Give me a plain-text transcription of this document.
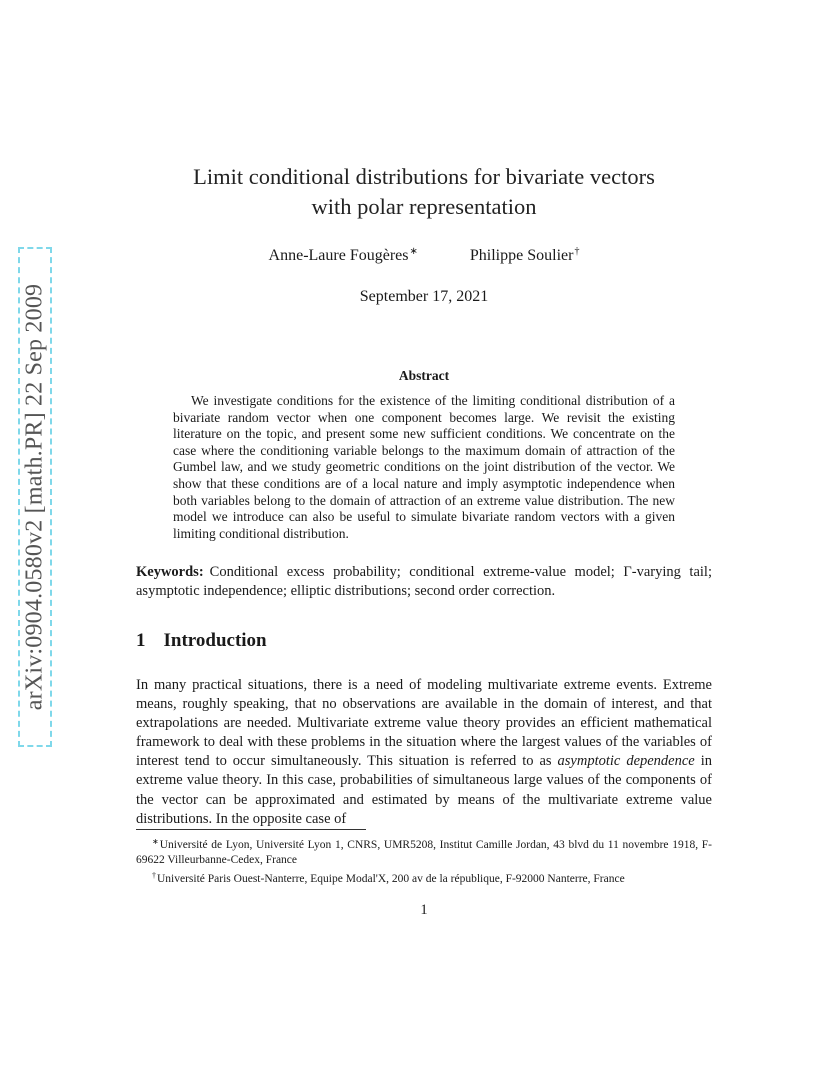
arXiv:0904.0580v2 [math.PR] 22 Sep 2009
Limit conditional distributions for bivariate vectors
with polar representation
Anne-Laure Fougères∗	Philippe Soulier†
September 17, 2021
Abstract
We investigate conditions for the existence of the limiting conditional distribution of a bivariate random vector when one component becomes large. We revisit the existing literature on the topic, and present some new sufficient conditions. We concentrate on the case where the conditioning variable belongs to the maximum domain of attraction of the Gumbel law, and we study geometric conditions on the joint distribution of the vector. We show that these conditions are of a local nature and imply asymptotic independence when both variables belong to the domain of attraction of an extreme value distribution. The new model we introduce can also be useful to simulate bivariate random vectors with a given limiting conditional distribution.
Keywords: Conditional excess probability; conditional extreme-value model; Γ-varying tail; asymptotic independence; elliptic distributions; second order correction.
1 Introduction
In many practical situations, there is a need of modeling multivariate extreme events. Extreme means, roughly speaking, that no observations are available in the domain of interest, and that extrapolations are needed. Multivariate extreme value theory provides an efficient mathematical framework to deal with these problems in the situation where the largest values of the variables of interest tend to occur simultaneously. This situation is referred to as asymptotic dependence in extreme value theory. In this case, probabilities of simultaneous large values of the components of the vector can be approximated and estimated by means of the multivariate extreme value distributions. In the opposite case of

∗Université de Lyon, Université Lyon 1, CNRS, UMR5208, Institut Camille Jordan, 43 blvd du 11 novembre 1918, F-69622 Villeurbanne-Cedex, France

†Université Paris Ouest-Nanterre, Equipe Modal'X, 200 av de la république, F-92000 Nanterre, France

1
